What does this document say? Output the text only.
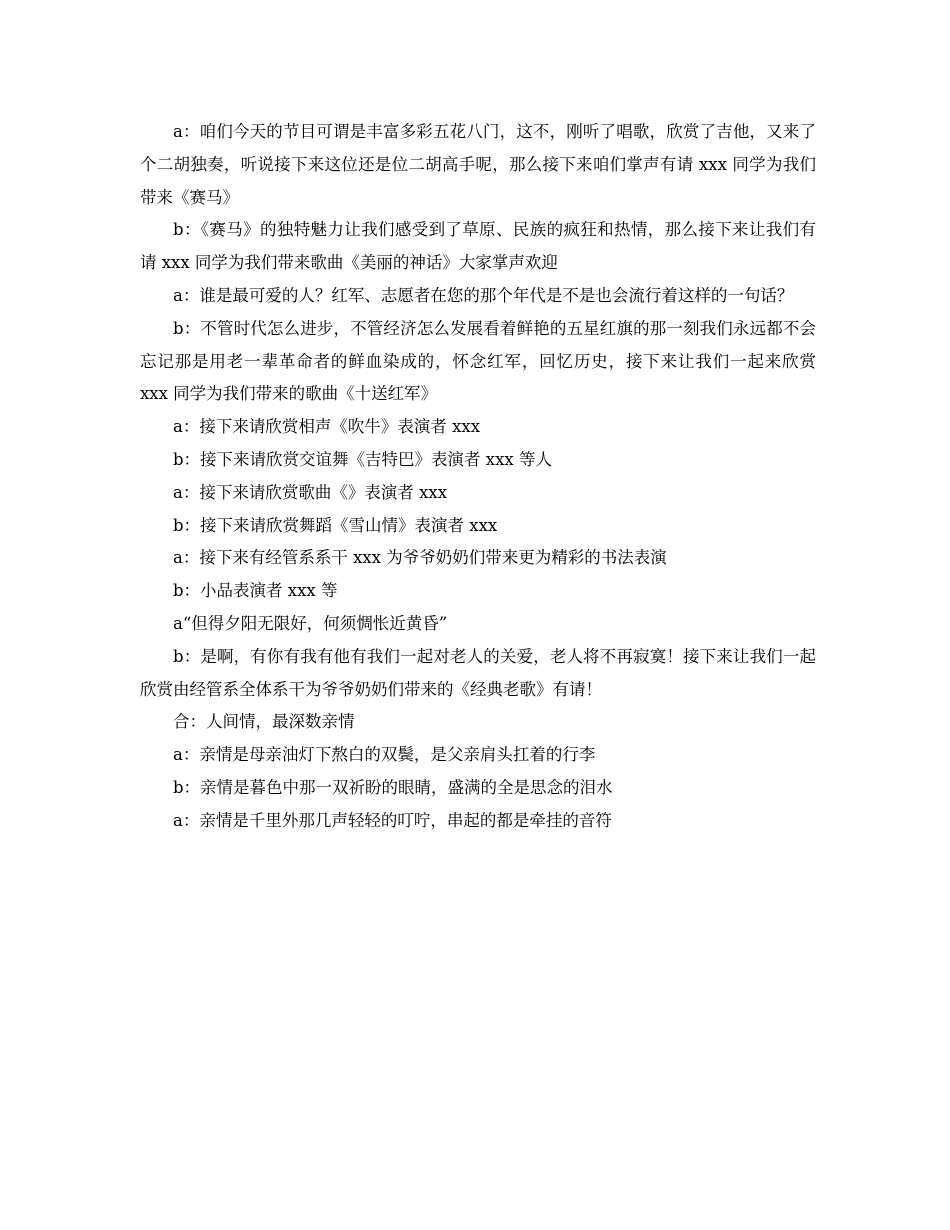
a：咱们今天的节目可谓是丰富多彩五花八门，这不，刚听了唱歌，欣赏了吉他，又来了个二胡独奏，听说接下来这位还是位二胡高手呢，那么接下来咱们掌声有请 xxx 同学为我们带来《赛马》

b：《赛马》的独特魅力让我们感受到了草原、民族的疯狂和热情，那么接下来让我们有请 xxx 同学为我们带来歌曲《美丽的神话》大家掌声欢迎

a：谁是最可爱的人？红军、志愿者在您的那个年代是不是也会流行着这样的一句话？

b：不管时代怎么进步，不管经济怎么发展看着鲜艳的五星红旗的那一刻我们永远都不会忘记那是用老一辈革命者的鲜血染成的，怀念红军，回忆历史，接下来让我们一起来欣赏 xxx 同学为我们带来的歌曲《十送红军》

a：接下来请欣赏相声《吹牛》表演者 xxx

b：接下来请欣赏交谊舞《吉特巴》表演者 xxx 等人

a：接下来请欣赏歌曲《》表演者 xxx

b：接下来请欣赏舞蹈《雪山情》表演者 xxx

a：接下来有经管系系干 xxx 为爷爷奶奶们带来更为精彩的书法表演

b：小品表演者 xxx 等

a“但得夕阳无限好，何须惆怅近黄昏”

b：是啊，有你有我有他有我们一起对老人的关爱，老人将不再寂寞！接下来让我们一起欣赏由经管系全体系干为爷爷奶奶们带来的《经典老歌》有请！

合：人间情，最深数亲情

a：亲情是母亲油灯下熬白的双鬓，是父亲肩头扛着的行李

b：亲情是暮色中那一双祈盼的眼睛，盛满的全是思念的泪水

a：亲情是千里外那几声轻轻的叮咛，串起的都是牵挂的音符
